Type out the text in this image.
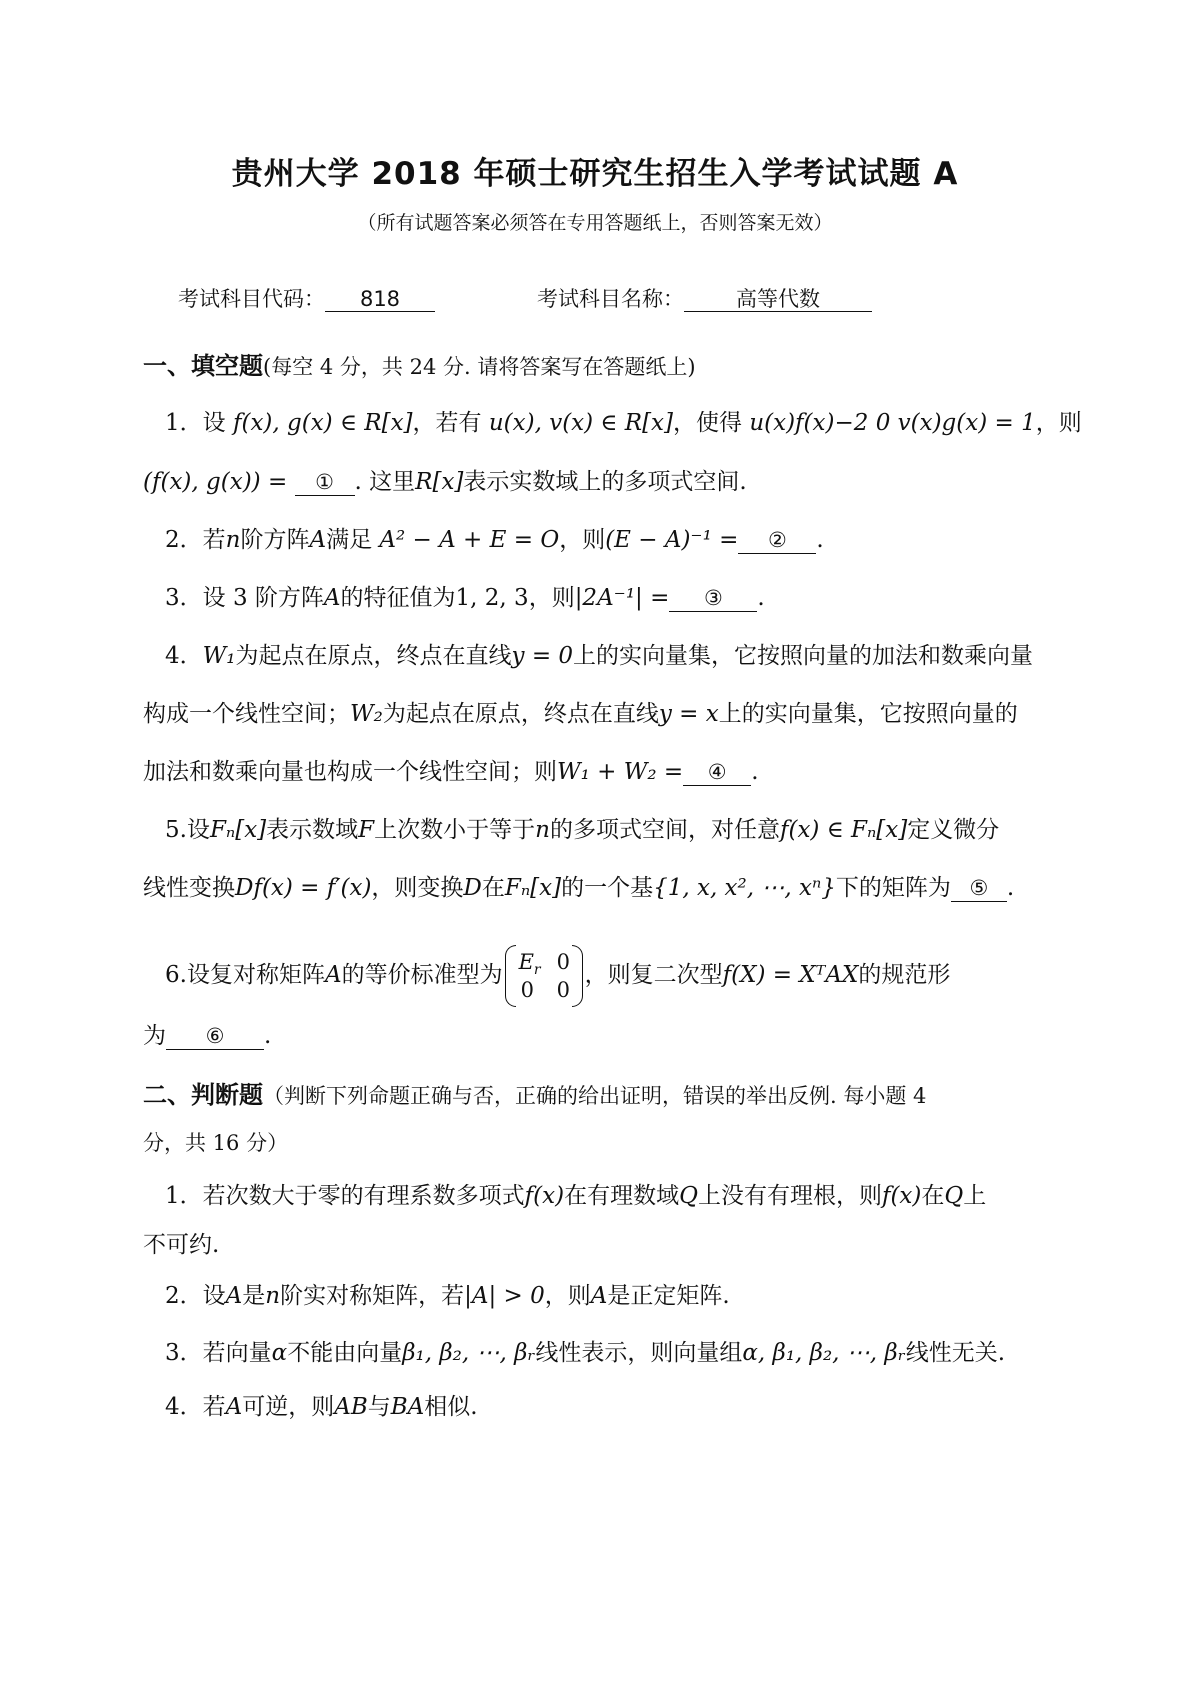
贵州大学 2018 年硕士研究生招生入学考试试题 A
（所有试题答案必须答在专用答题纸上，否则答案无效）
考试科目代码： 818	考试科目名称： 高等代数
一、填空题(每空 4 分，共 24 分. 请将答案写在答题纸上)
1．设 f(x), g(x) ∈ R[x]，若有 u(x), v(x) ∈ R[x]，使得 u(x)f(x)−2 0 v(x)g(x) = 1，则
(f(x), g(x)) = ① . 这里R[x]表示实数域上的多项式空间.
2．若n阶方阵A满足 A² − A + E = O，则(E − A)⁻¹ = ② .
3．设 3 阶方阵A的特征值为1, 2, 3，则|2A⁻¹| = ③ .
4．W₁为起点在原点，终点在直线y = 0上的实向量集，它按照向量的加法和数乘向量
构成一个线性空间；W₂为起点在原点，终点在直线y = x上的实向量集，它按照向量的
加法和数乘向量也构成一个线性空间；则W₁ + W₂ = ④ .
5.设Fₙ[x]表示数域F上次数小于等于n的多项式空间，对任意f(x) ∈ Fₙ[x]定义微分
线性变换Df(x) = f′(x)，则变换D在Fₙ[x]的一个基{1, x, x², ⋯, xⁿ}下的矩阵为 ⑤ .
6.设复对称矩阵A的等价标准型为 $E_r$ 0
0 0
，则复二次型f(X) = XᵀAX的规范形
为 ⑥ .
二、判断题（判断下列命题正确与否，正确的给出证明，错误的举出反例. 每小题 4
分，共 16 分）
1．若次数大于零的有理系数多项式f(x)在有理数域Q上没有有理根，则f(x)在Q上
不可约.
2．设A是n阶实对称矩阵，若|A| > 0，则A是正定矩阵.
3．若向量α不能由向量β₁, β₂, ⋯, βᵣ线性表示，则向量组α, β₁, β₂, ⋯, βᵣ线性无关.
4．若A可逆，则AB与BA相似.
